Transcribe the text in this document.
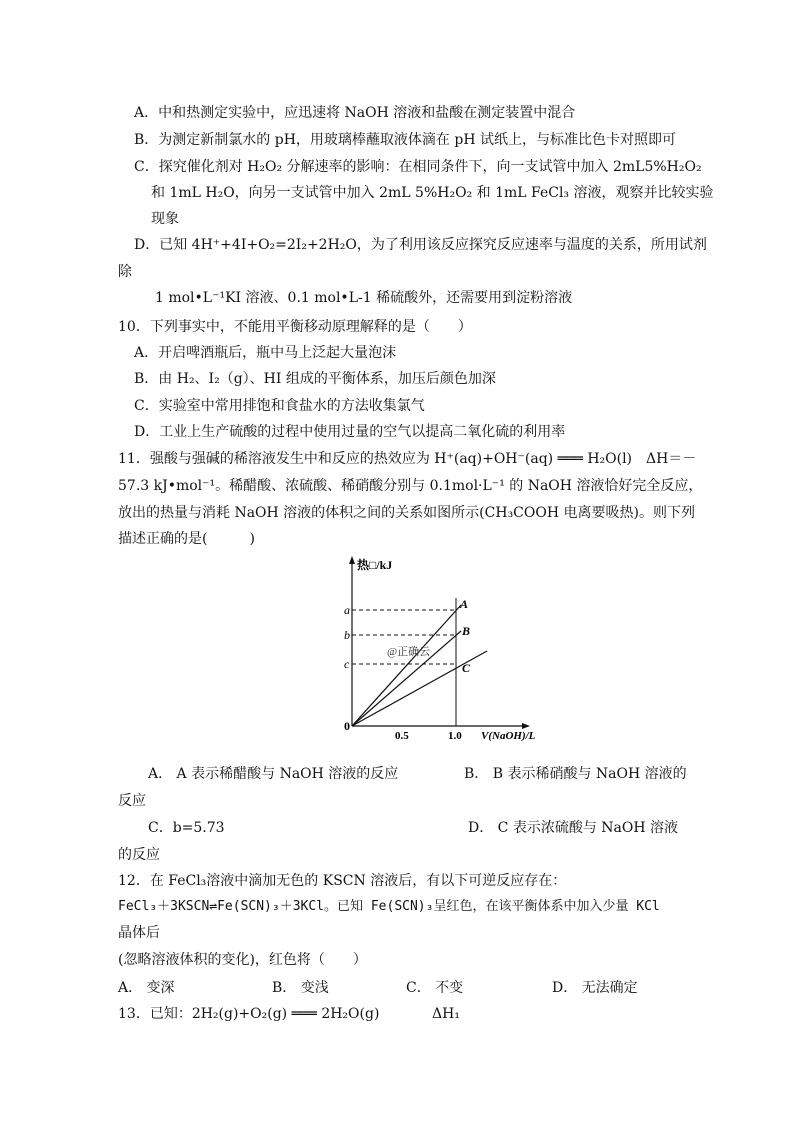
A．中和热测定实验中，应迅速将 NaOH 溶液和盐酸在测定装置中混合
B．为测定新制氯水的 pH，用玻璃棒蘸取液体滴在 pH 试纸上，与标准比色卡对照即可
C．探究催化剂对 H₂O₂ 分解速率的影响：在相同条件下，向一支试管中加入 2mL5%H₂O₂
和 1mL H₂O，向另一支试管中加入 2mL 5%H₂O₂ 和 1mL FeCl₃ 溶液，观察并比较实验
现象
D．已知 4H⁺+4I+O₂=2I₂+2H₂O，为了利用该反应探究反应速率与温度的关系，所用试剂
除
1 mol•L⁻¹KI 溶液、0.1 mol•L-1 稀硫酸外，还需要用到淀粉溶液
10．下列事实中，不能用平衡移动原理解释的是（　　）
A．开启啤酒瓶后，瓶中马上泛起大量泡沫
B．由 H₂、I₂（g）、HI 组成的平衡体系，加压后颜色加深
C．实验室中常用排饱和食盐水的方法收集氯气
D．工业上生产硫酸的过程中使用过量的空气以提高二氧化硫的利用率
11．强酸与强碱的稀溶液发生中和反应的热效应为 H⁺(aq)+OH⁻(aq) ═══ H₂O(l)　ΔH＝－
57.3 kJ•mol⁻¹。稀醋酸、浓硫酸、稀硝酸分别与 0.1mol·L⁻¹ 的 NaOH 溶液恰好完全反应，
放出的热量与消耗 NaOH 溶液的体积之间的关系如图所示(CH₃COOH 电离要吸热)。则下列
描述正确的是(　　　)
热□/kJ
a
b
c
A
B
C
@正确云
0
0.5	1.0 V(NaOH)/L
A． A 表示稀醋酸与 NaOH 溶液的反应	B． B 表示稀硝酸与 NaOH 溶液的
反应
C．b=5.73	D． C 表示浓硫酸与 NaOH 溶液
的反应
12．在 FeCl₃溶液中滴加无色的 KSCN 溶液后，有以下可逆反应存在：
FeCl₃＋3KSCN⇌Fe(SCN)₃＋3KCl。已知 Fe(SCN)₃呈红色，在该平衡体系中加入少量 KCl
晶体后
(忽略溶液体积的变化)，红色将（　　）
A． 变深	B． 变浅	C． 不变	D． 无法确定
13．已知：2H₂(g)+O₂(g) ═══ 2H₂O(g)	ΔH₁
